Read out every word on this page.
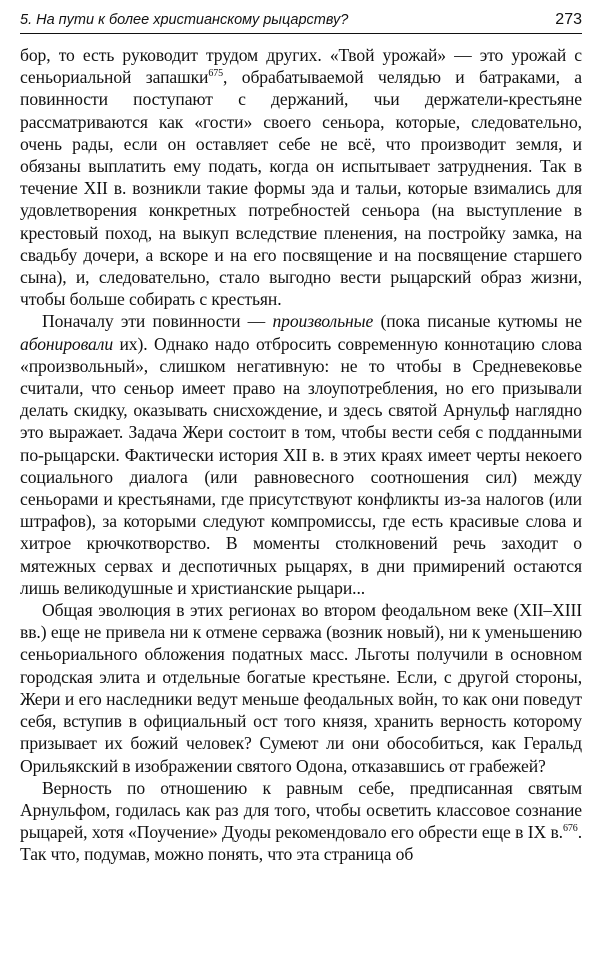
5. На пути к более христианскому рыцарству?	273

бор, то есть руководит трудом других. «Твой урожай» — это урожай с сеньориальной запашки$^{675}$, обрабатываемой челядью и батраками, а повинности поступают с держаний, чьи держатели-крестьяне рассматриваются как «гости» своего сеньора, которые, следовательно, очень рады, если он оставляет себе не всё, что производит земля, и обязаны выплатить ему подать, когда он испытывает затруднения. Так в течение XII в. возникли такие формы эда и тальи, которые взимались для удовлетворения конкретных потребностей сеньора (на выступление в крестовый поход, на выкуп вследствие пленения, на постройку замка, на свадьбу дочери, а вскоре и на его посвящение и на посвящение старшего сына), и, следовательно, стало выгодно вести рыцарский образ жизни, чтобы больше собирать с крестьян.

Поначалу эти повинности — произвольные (пока писаные кутюмы не абонировали их). Однако надо отбросить современную коннотацию слова «произвольный», слишком негативную: не то чтобы в Средневековье считали, что сеньор имеет право на злоупотребления, но его призывали делать скидку, оказывать снисхождение, и здесь святой Арнульф наглядно это выражает. Задача Жери состоит в том, чтобы вести себя с подданными по-рыцарски. Фактически история XII в. в этих краях имеет черты некоего социального диалога (или равновесного соотношения сил) между сеньорами и крестьянами, где присутствуют конфликты из-за налогов (или штрафов), за которыми следуют компромиссы, где есть красивые слова и хитрое крючкотворство. В моменты столкновений речь заходит о мятежных сервах и деспотичных рыцарях, в дни примирений остаются лишь великодушные и христианские рыцари...

Общая эволюция в этих регионах во втором феодальном веке (XII–XIII вв.) еще не привела ни к отмене серважа (возник новый), ни к уменьшению сеньориального обложения податных масс. Льготы получили в основном городская элита и отдельные богатые крестьяне. Если, с другой стороны, Жери и его наследники ведут меньше феодальных войн, то как они поведут себя, вступив в официальный ост того князя, хранить верность которому призывает их божий человек? Сумеют ли они обособиться, как Геральд Орильякский в изображении святого Одона, отказавшись от грабежей?

Верность по отношению к равным себе, предписанная святым Арнульфом, годилась как раз для того, чтобы осветить классовое сознание рыцарей, хотя «Поучение» Дуоды рекомендовало его обрести еще в IX в.$^{676}$. Так что, подумав, можно понять, что эта страница об
